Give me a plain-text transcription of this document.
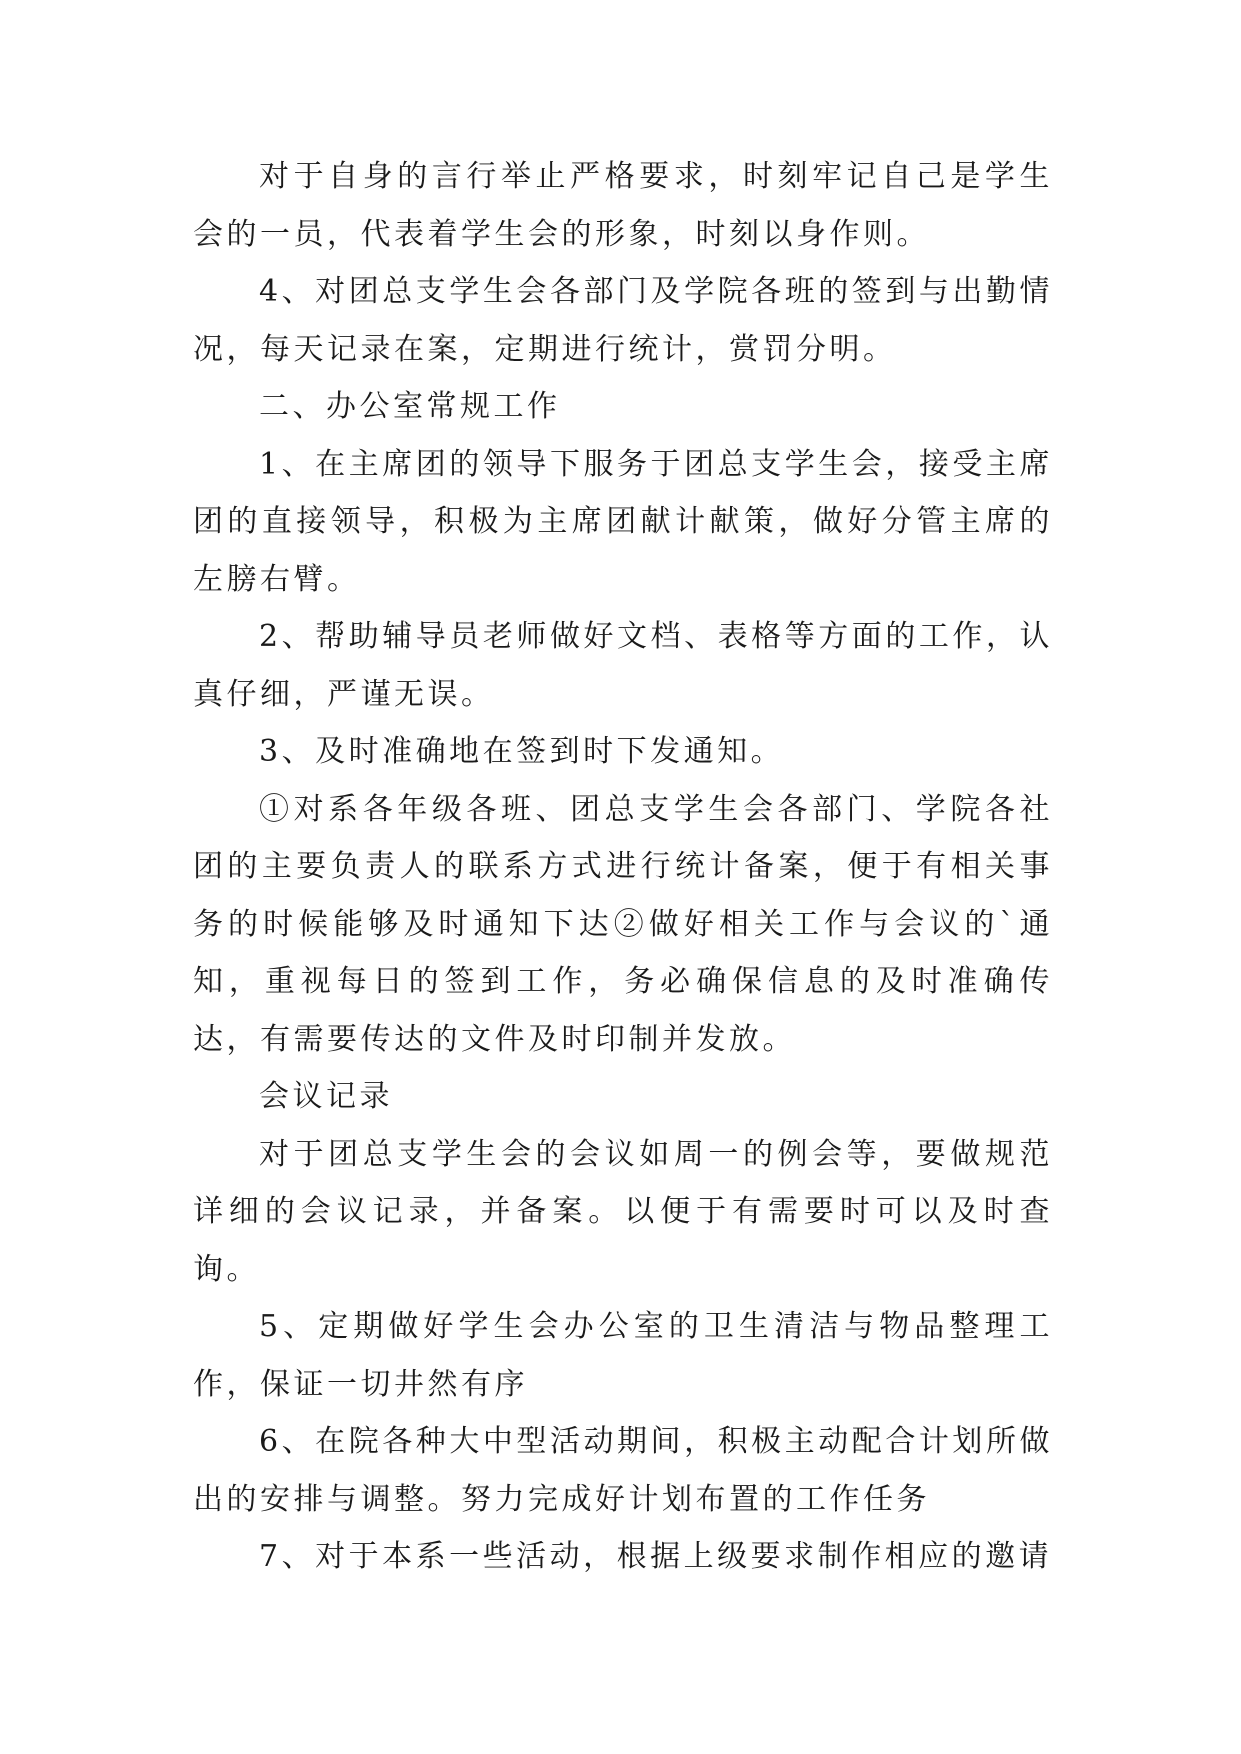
对于自身的言行举止严格要求，时刻牢记自己是学生会的一员，代表着学生会的形象，时刻以身作则。

4、对团总支学生会各部门及学院各班的签到与出勤情况，每天记录在案，定期进行统计，赏罚分明。

二、办公室常规工作

1、在主席团的领导下服务于团总支学生会，接受主席团的直接领导，积极为主席团献计献策，做好分管主席的左膀右臂。

2、帮助辅导员老师做好文档、表格等方面的工作，认真仔细，严谨无误。

3、及时准确地在签到时下发通知。

①对系各年级各班、团总支学生会各部门、学院各社团的主要负责人的联系方式进行统计备案，便于有相关事务的时候能够及时通知下达②做好相关工作与会议的`通知，重视每日的签到工作，务必确保信息的及时准确传达，有需要传达的文件及时印制并发放。

会议记录

对于团总支学生会的会议如周一的例会等，要做规范详细的会议记录，并备案。以便于有需要时可以及时查询。

5、定期做好学生会办公室的卫生清洁与物品整理工作，保证一切井然有序

6、在院各种大中型活动期间，积极主动配合计划所做出的安排与调整。努力完成好计划布置的工作任务

7、对于本系一些活动，根据上级要求制作相应的邀请
